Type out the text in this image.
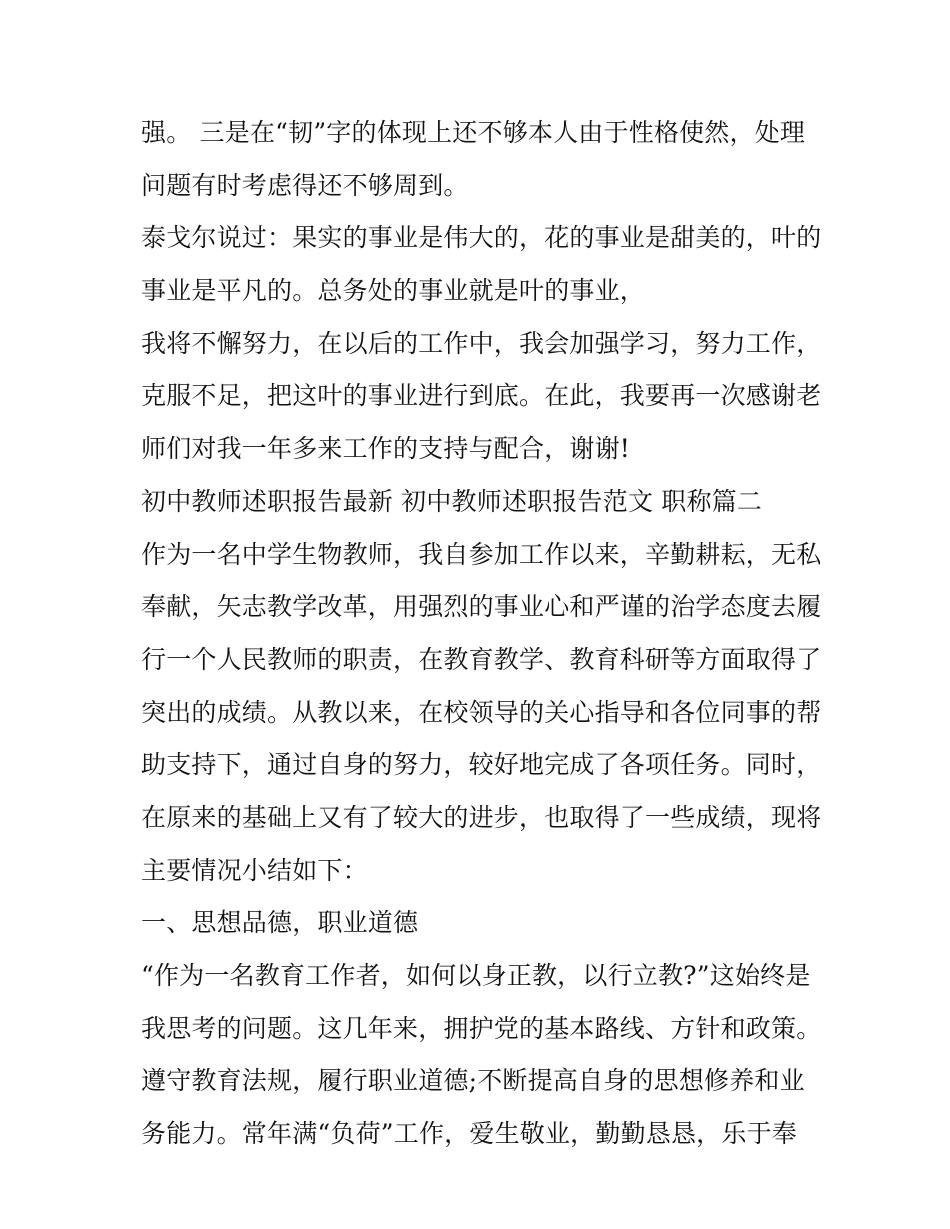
强。 三是在“韧”字的体现上还不够本人由于性格使然，处理
问题有时考虑得还不够周到。
泰戈尔说过：果实的事业是伟大的，花的事业是甜美的，叶的
事业是平凡的。总务处的事业就是叶的事业，
我将不懈努力，在以后的工作中，我会加强学习，努力工作，
克服不足，把这叶的事业进行到底。在此，我要再一次感谢老
师们对我一年多来工作的支持与配合，谢谢!
初中教师述职报告最新 初中教师述职报告范文 职称篇二
作为一名中学生物教师，我自参加工作以来，辛勤耕耘，无私
奉献，矢志教学改革，用强烈的事业心和严谨的治学态度去履
行一个人民教师的职责，在教育教学、教育科研等方面取得了
突出的成绩。从教以来，在校领导的关心指导和各位同事的帮
助支持下，通过自身的努力，较好地完成了各项任务。同时，
在原来的基础上又有了较大的进步，也取得了一些成绩，现将
主要情况小结如下：
一、思想品德，职业道德
“作为一名教育工作者，如何以身正教，以行立教?”这始终是
我思考的问题。这几年来，拥护党的基本路线、方针和政策。
遵守教育法规，履行职业道德;不断提高自身的思想修养和业
务能力。常年满“负荷”工作，爱生敬业，勤勤恳恳，乐于奉
